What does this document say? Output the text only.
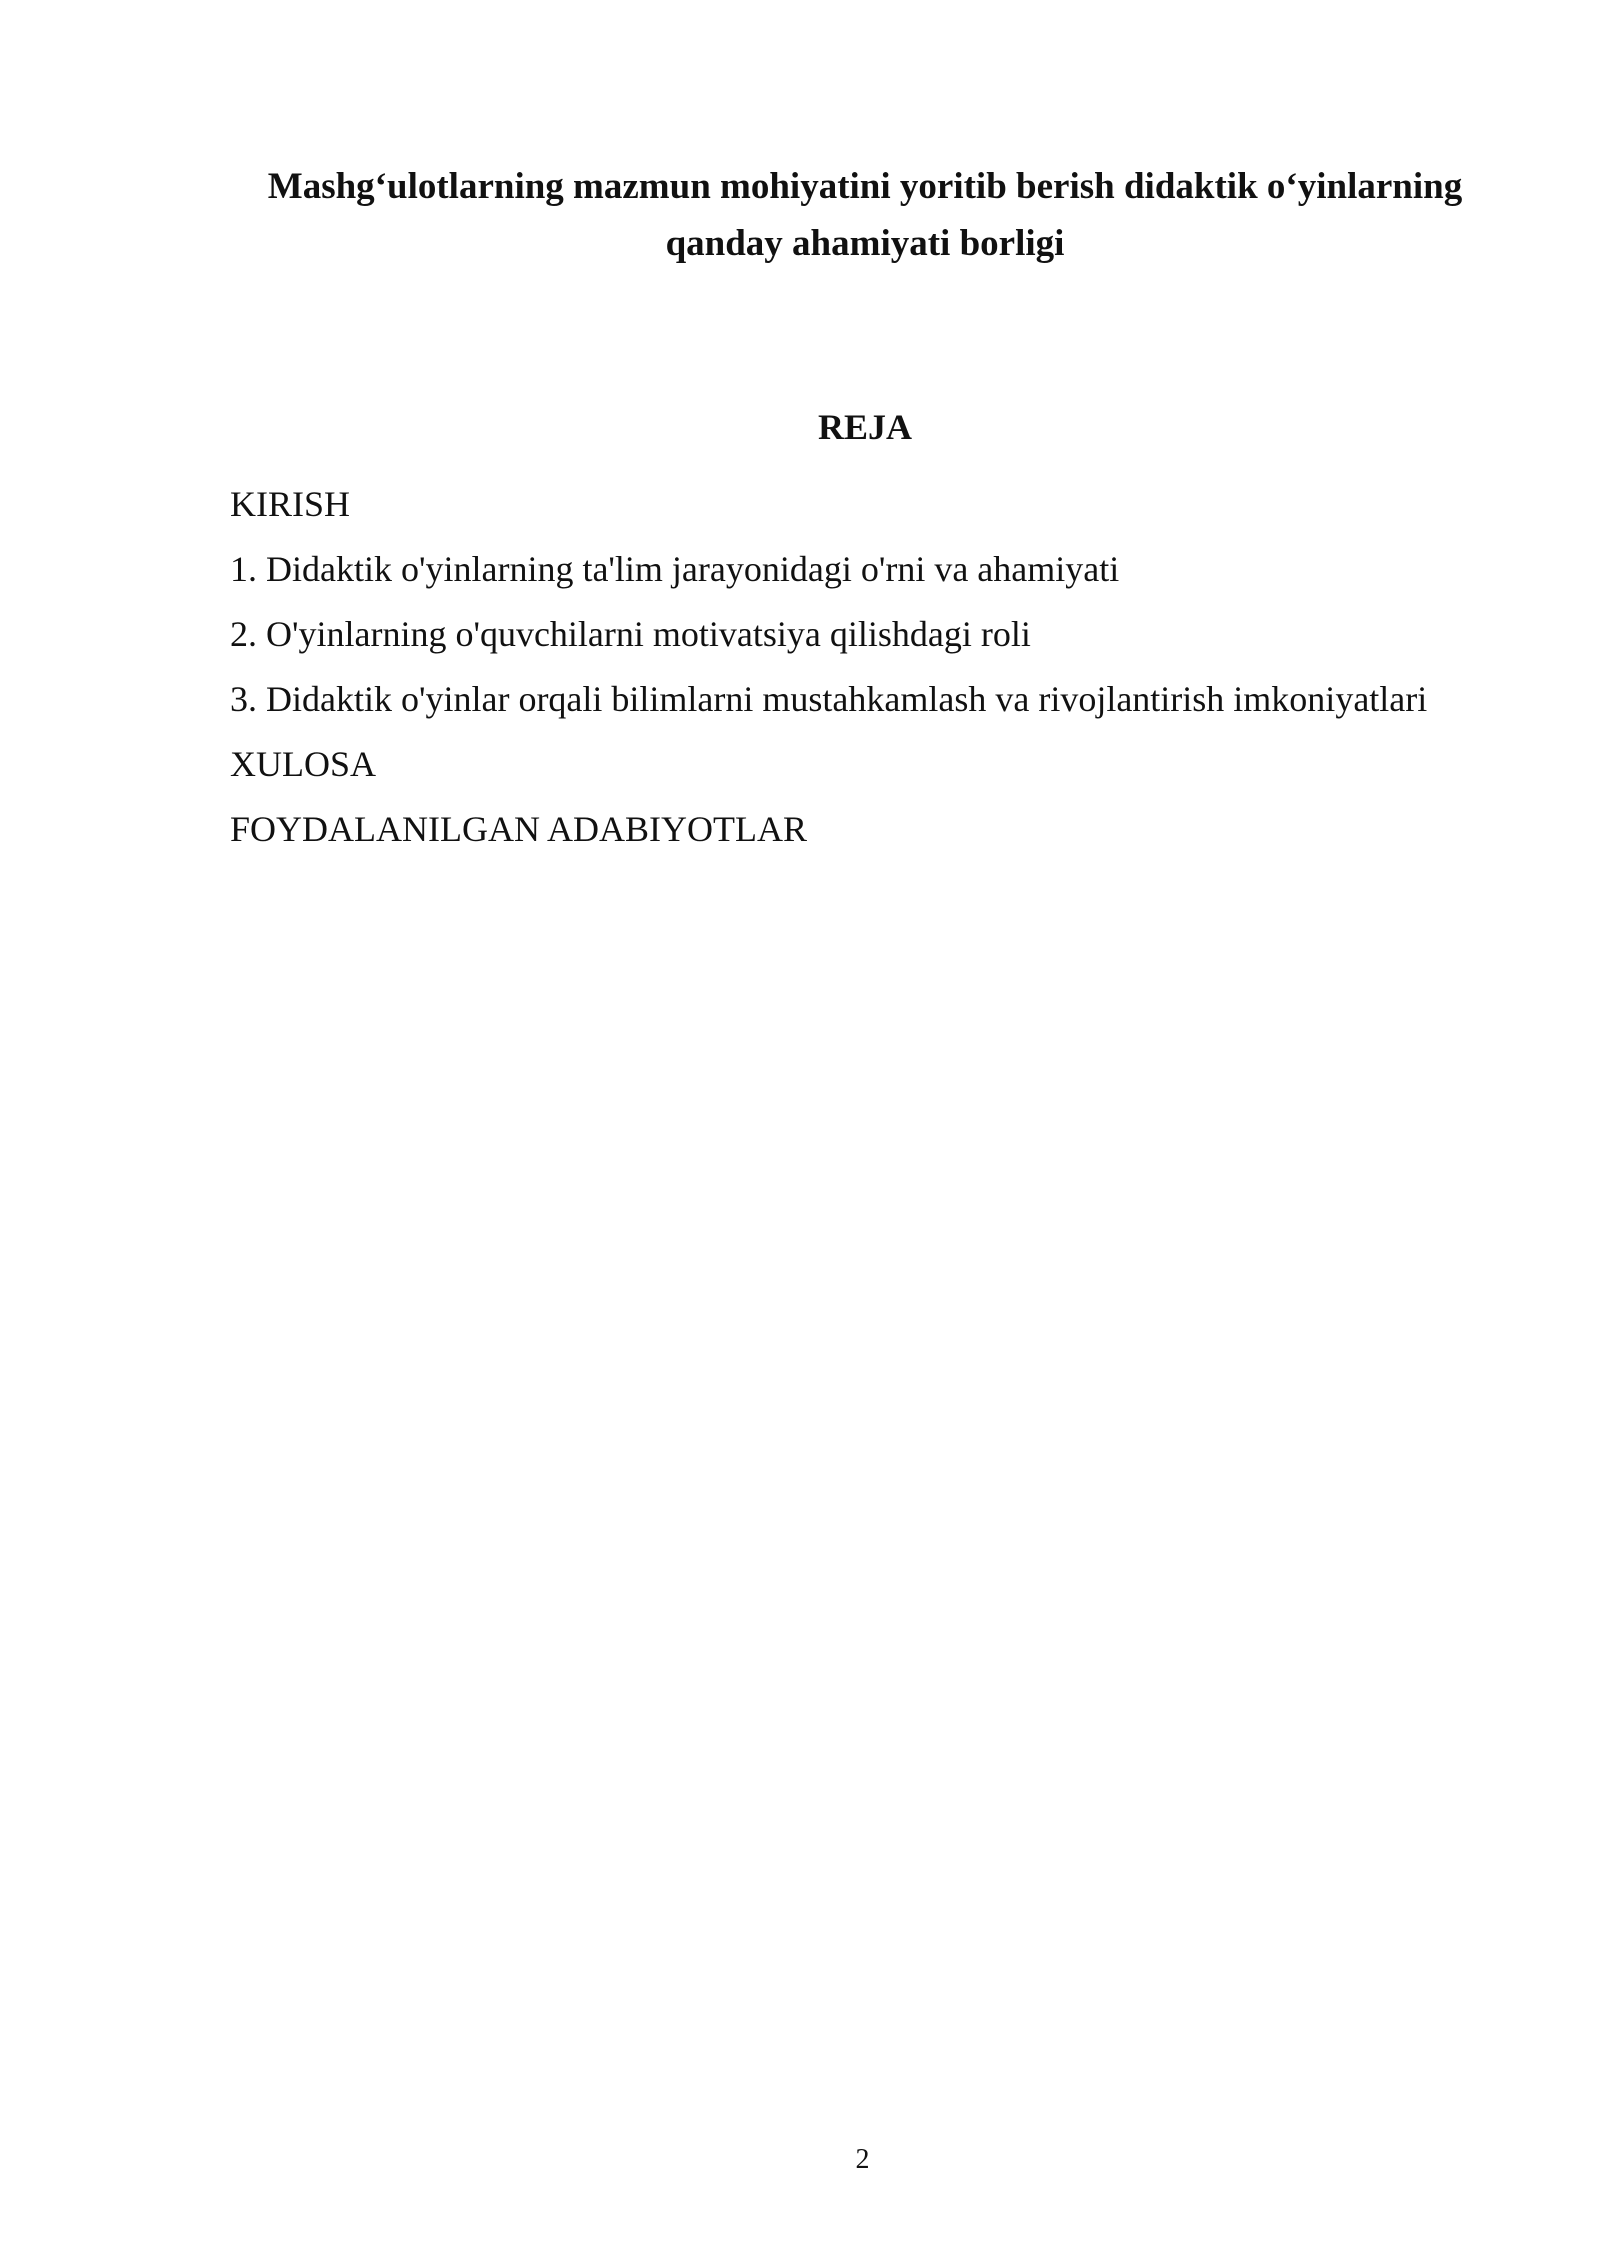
Mashg‘ulotlarning mazmun mohiyatini yoritib berish didaktik o‘yinlarning qanday ahamiyati borligi
REJA
KIRISH
1. Didaktik o'yinlarning ta'lim jarayonidagi o'rni va ahamiyati
2. O'yinlarning o'quvchilarni motivatsiya qilishdagi roli
3. Didaktik o'yinlar orqali bilimlarni mustahkamlash va rivojlantirish imkoniyatlari
XULOSA
FOYDALANILGAN ADABIYOTLAR
2
